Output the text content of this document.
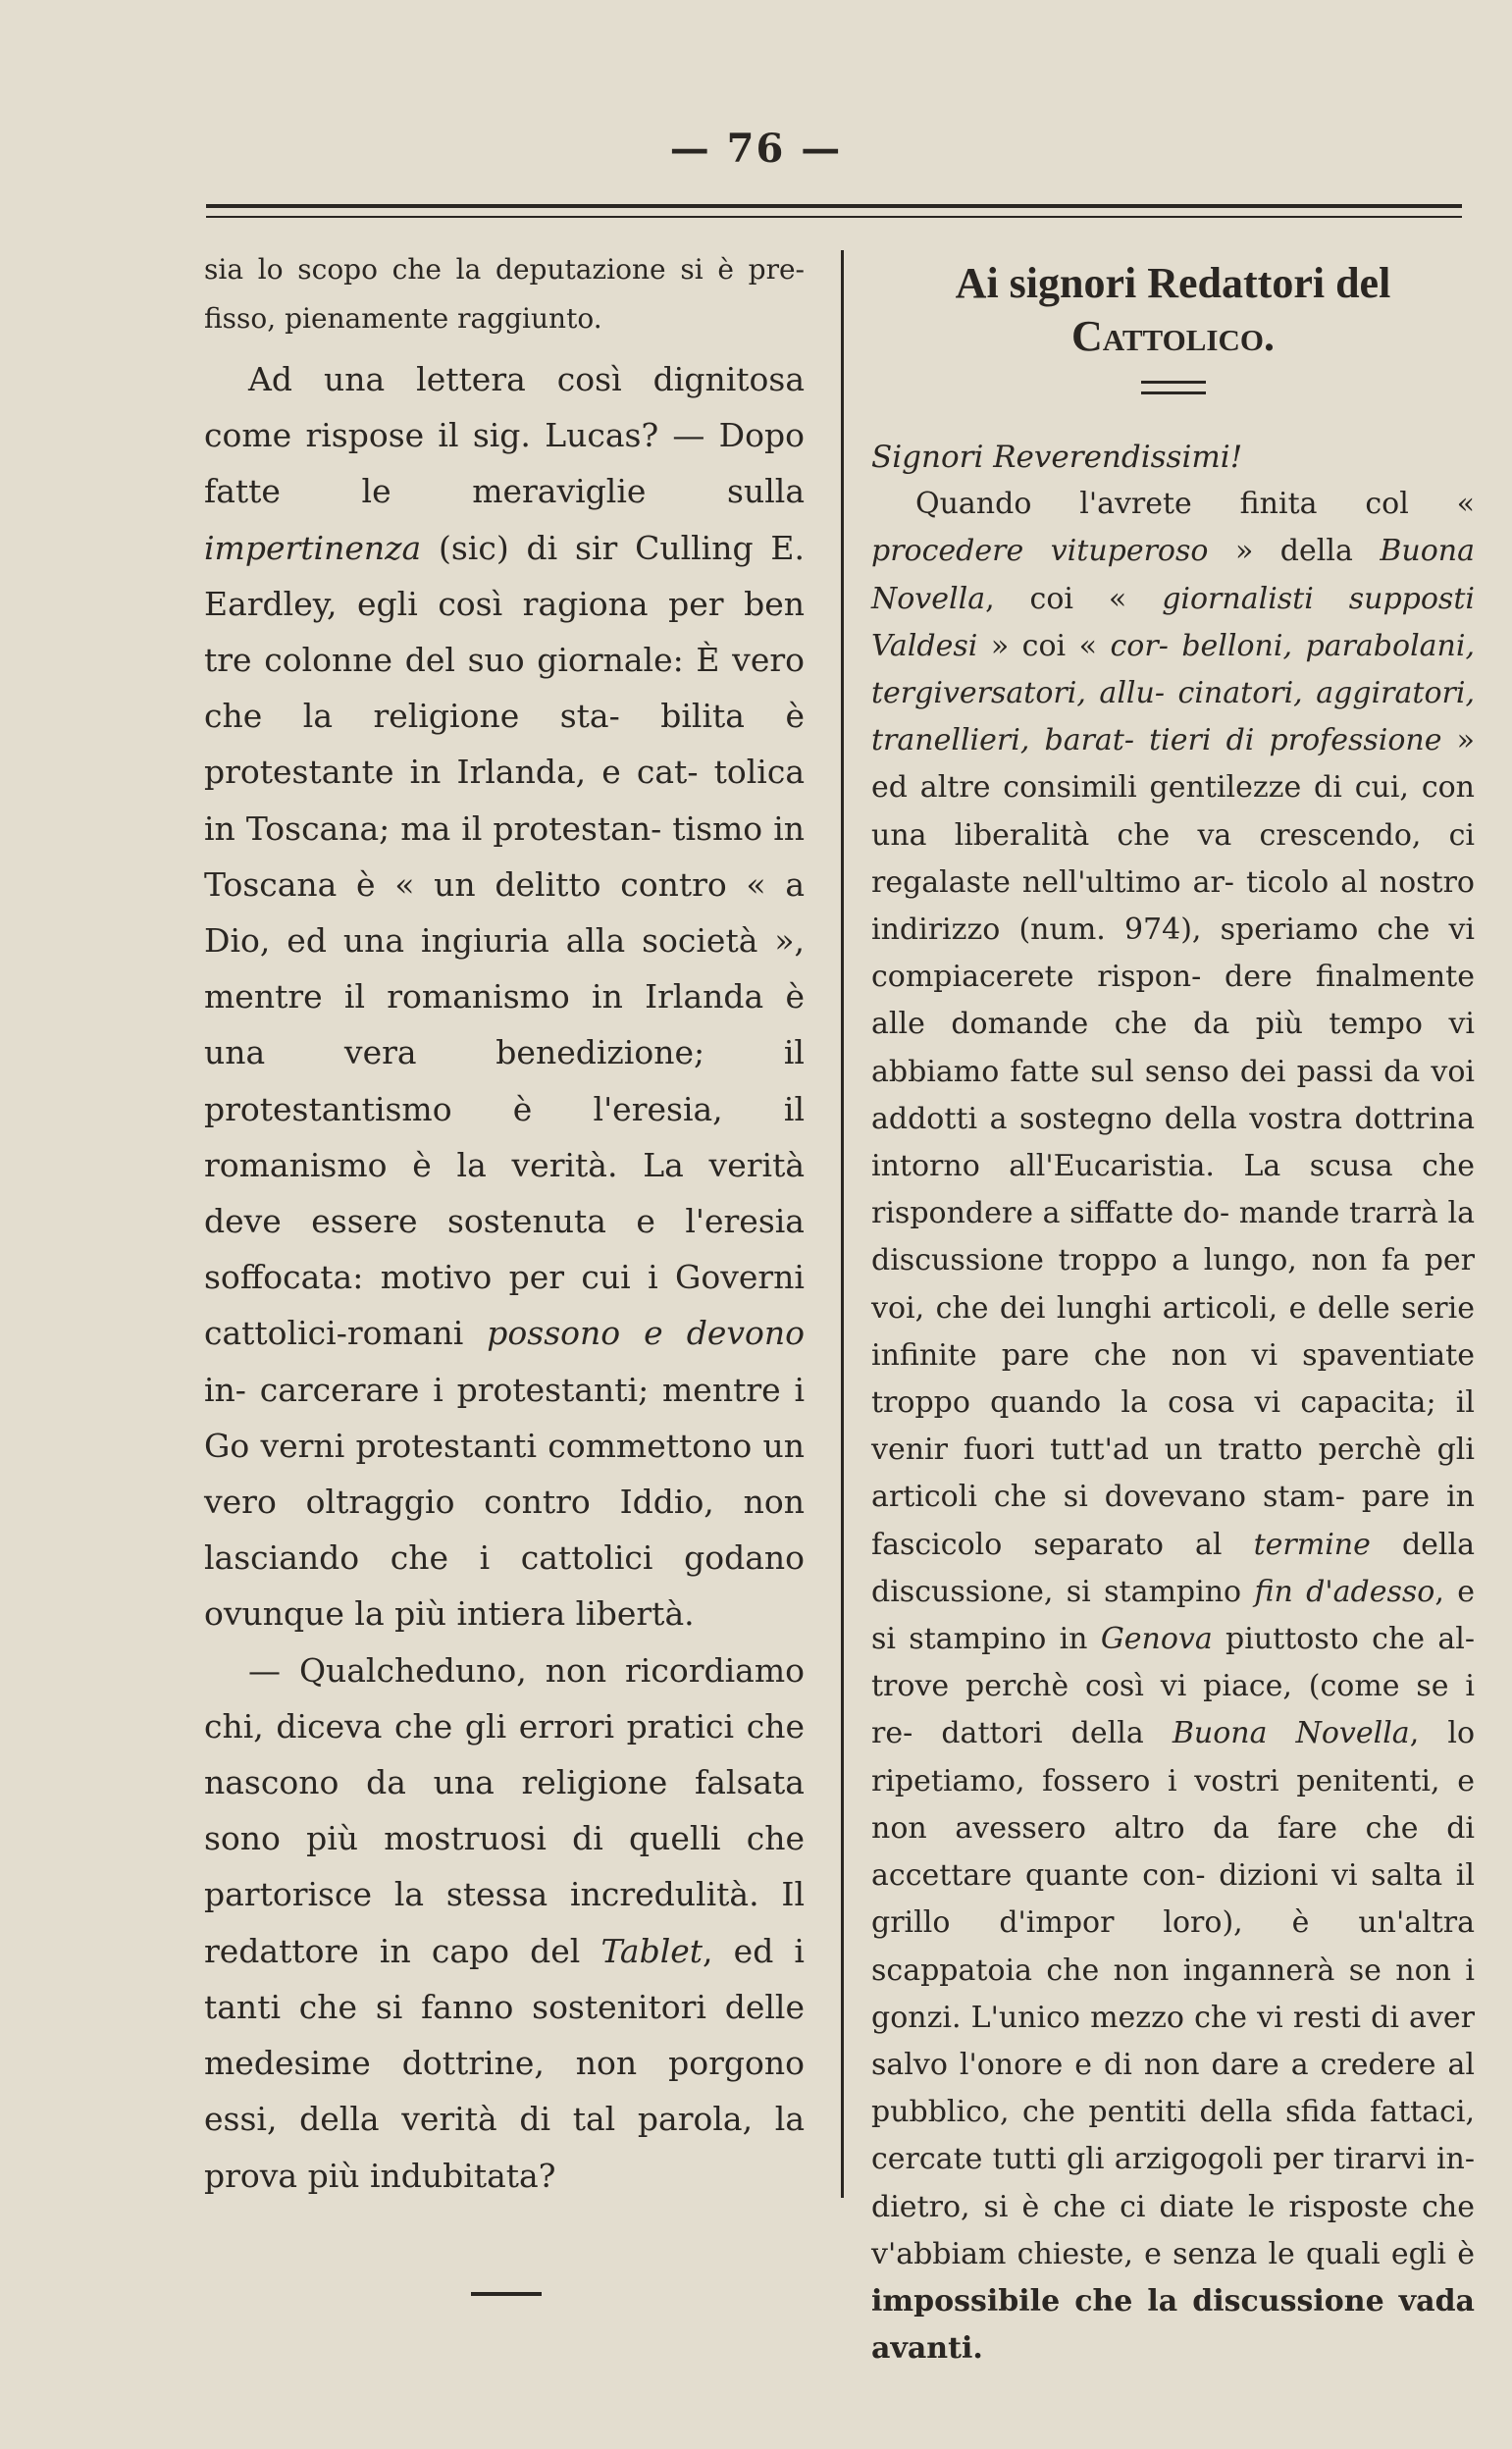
— 76 —

sia lo scopo che la deputazione si è pre- fisso, pienamente raggiunto.

Ad una lettera così dignitosa come rispose il sig. Lucas? — Dopo fatte le meraviglie sulla impertinenza (sic) di sir Culling E. Eardley, egli così ragiona per ben tre colonne del suo giornale: È vero che la religione sta- bilita è protestante in Irlanda, e cat- tolica in Toscana; ma il protestan- tismo in Toscana è « un delitto contro « a Dio, ed una ingiuria alla società », mentre il romanismo in Irlanda è una vera benedizione; il protestantismo è l'eresia, il romanismo è la verità. La verità deve essere sostenuta e l'eresia soffocata: motivo per cui i Governi cattolici-romani possono e devono in- carcerare i protestanti; mentre i Go verni protestanti commettono un vero oltraggio contro Iddio, non lasciando che i cattolici godano ovunque la più intiera libertà.

— Qualcheduno, non ricordiamo chi, diceva che gli errori pratici che nascono da una religione falsata sono più mostruosi di quelli che partorisce la stessa incredulità. Il redattore in capo del Tablet, ed i tanti che si fanno sostenitori delle medesime dottrine, non porgono essi, della verità di tal parola, la prova più indubitata?

Ai signori Redattori del Cattolico.

Signori Reverendissimi!

Quando l'avrete finita col « procedere vituperoso » della Buona Novella, coi « giornalisti supposti Valdesi » coi « cor- belloni, parabolani, tergiversatori, allu- cinatori, aggiratori, tranellieri, barat- tieri di professione » ed altre consimili gentilezze di cui, con una liberalità che va crescendo, ci regalaste nell'ultimo ar- ticolo al nostro indirizzo (num. 974), speriamo che vi compiacerete rispon- dere finalmente alle domande che da più tempo vi abbiamo fatte sul senso dei passi da voi addotti a sostegno della vostra dottrina intorno all'Eucaristia. La scusa che rispondere a siffatte do- mande trarrà la discussione troppo a lungo, non fa per voi, che dei lunghi articoli, e delle serie infinite pare che non vi spaventiate troppo quando la cosa vi capacita; il venir fuori tutt'ad un tratto perchè gli articoli che si dovevano stam- pare in fascicolo separato al termine della discussione, si stampino fin d'adesso, e si stampino in Genova piuttosto che al- trove perchè così vi piace, (come se i re- dattori della Buona Novella, lo ripetiamo, fossero i vostri penitenti, e non avessero altro da fare che di accettare quante con- dizioni vi salta il grillo d'impor loro), è un'altra scappatoia che non ingannerà se non i gonzi. L'unico mezzo che vi resti di aver salvo l'onore e di non dare a credere al pubblico, che pentiti della sfida fattaci, cercate tutti gli arzigogoli per tirarvi in- dietro, si è che ci diate le risposte che v'abbiam chieste, e senza le quali egli è impossibile che la discussione vada avanti.
